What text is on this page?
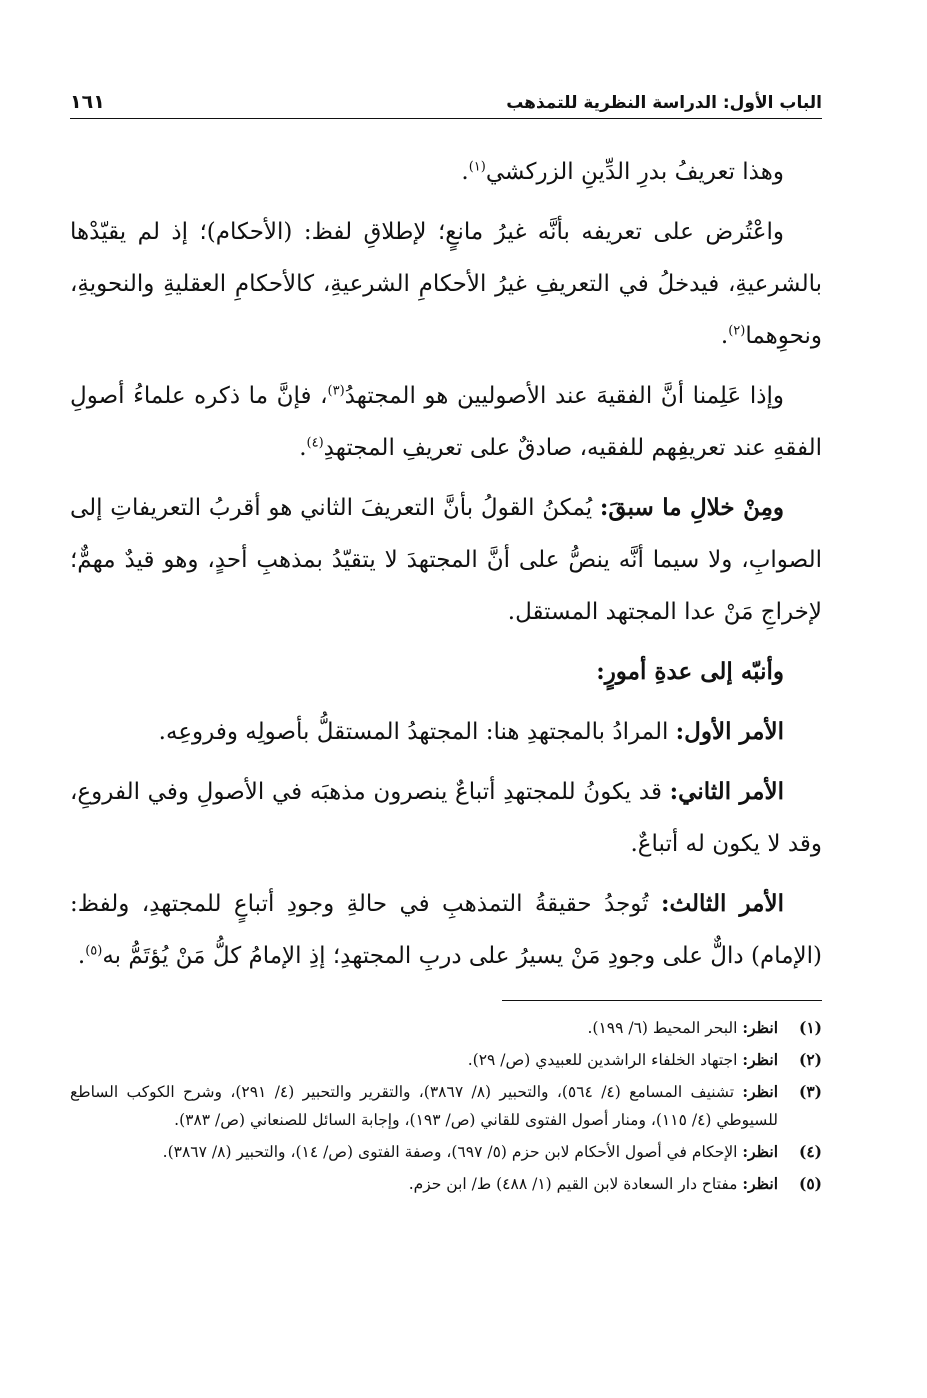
الباب الأول: الدراسة النظرية للتمذهب
١٦١

وهذا تعريفُ بدرِ الدِّينِ الزركشي$^{(١)}$.

واعْتُرض على تعريفه بأنَّه غيرُ مانعٍ؛ لإطلاقِ لفظ: (الأحكام)؛ إذ لم يقيّدْها بالشرعيةِ، فيدخلُ في التعريفِ غيرُ الأحكامِ الشرعيةِ، كالأحكامِ العقليةِ والنحويةِ، ونحوِهما$^{(٢)}$.

وإذا عَلِمنا أنَّ الفقيهَ عند الأصوليين هو المجتهدُ$^{(٣)}$، فإنَّ ما ذكره علماءُ أصولِ الفقهِ عند تعريفِهم للفقيه، صادقٌ على تعريفِ المجتهدِ$^{(٤)}$.

ومِنْ خلالِ ما سبقَ: يُمكنُ القولُ بأنَّ التعريفَ الثاني هو أقربُ التعريفاتِ إلى الصوابِ، ولا سيما أنَّه ينصُّ على أنَّ المجتهدَ لا يتقيّدُ بمذهبِ أحدٍ، وهو قيدٌ مهمٌّ؛ لإخراجِ مَنْ عدا المجتهد المستقل.

وأنبّه إلى عدةِ أمورٍ:

الأمر الأول: المرادُ بالمجتهدِ هنا: المجتهدُ المستقلُّ بأصولِه وفروعِه.

الأمر الثاني: قد يكونُ للمجتهدِ أتباعٌ ينصرون مذهبَه في الأصولِ وفي الفروعِ، وقد لا يكون له أتباعٌ.

الأمر الثالث: تُوجدُ حقيقةُ التمذهبِ في حالةِ وجودِ أتباعٍ للمجتهدِ، ولفظ: (الإمام) دالٌّ على وجودِ مَنْ يسيرُ على دربِ المجتهدِ؛ إذِ الإمامُ كلُّ مَنْ يُؤتَمُّ به$^{(٥)}$.

(١)
انظر: البحر المحيط (٦/ ١٩٩).
(٢)
انظر: اجتهاد الخلفاء الراشدين للعبيدي (ص/ ٢٩).
(٣)
انظر: تشنيف المسامع (٤/ ٥٦٤)، والتحبير (٨/ ٣٨٦٧)، والتقرير والتحبير (٤/ ٢٩١)، وشرح الكوكب الساطع للسيوطي (٤/ ١١٥)، ومنار أصول الفتوى للقاني (ص/ ١٩٣)، وإجابة السائل للصنعاني (ص/ ٣٨٣).
(٤)
انظر: الإحكام في أصول الأحكام لابن حزم (٥/ ٦٩٧)، وصفة الفتوى (ص/ ١٤)، والتحبير (٨/ ٣٨٦٧).
(٥)
انظر: مفتاح دار السعادة لابن القيم (١/ ٤٨٨) ط/ ابن حزم.
